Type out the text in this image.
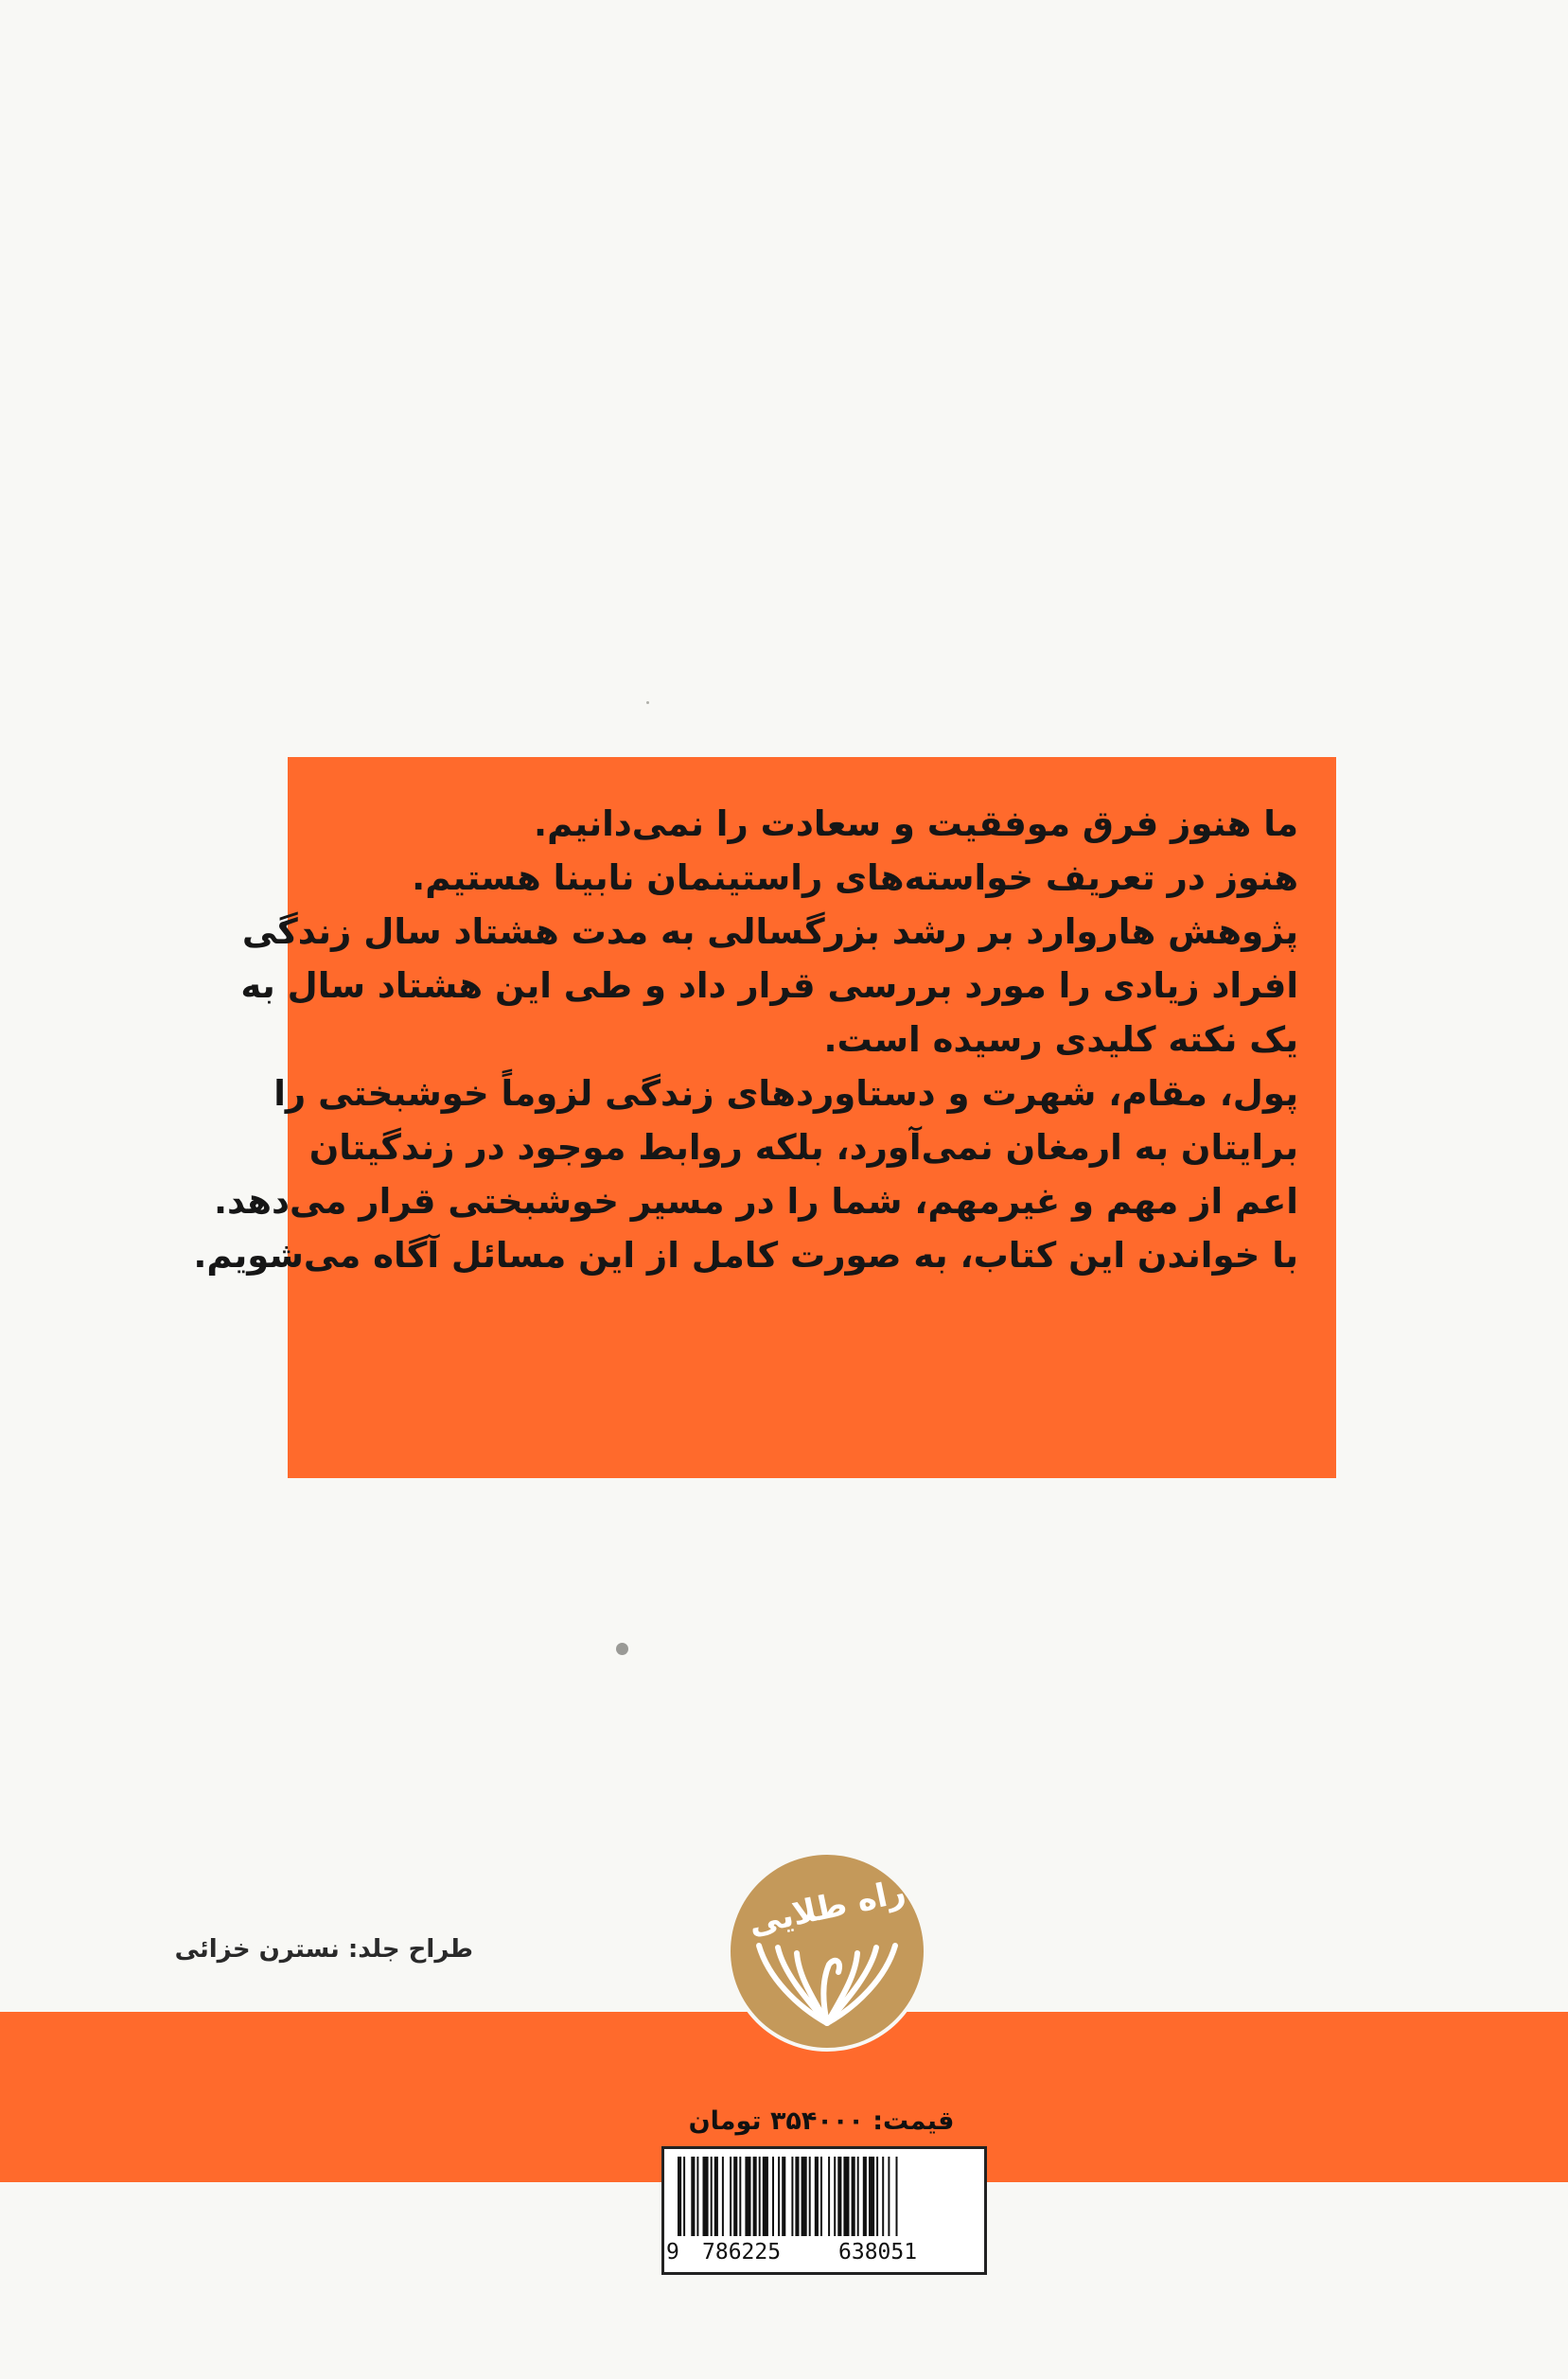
ما هنوز فرق موفقیت و سعادت را نمی‌دانیم.
هنوز در تعریف خواسته‌های راستینمان نابینا هستیم.
پژوهش هاروارد بر رشد بزرگسالی به مدت هشتاد سال زندگی
افراد زیادی را مورد بررسی قرار داد و طی این هشتاد سال به
یک نکته کلیدی رسیده است.
پول، مقام، شهرت و دستاوردهای زندگی لزوماً خوشبختی را
برایتان به ارمغان نمی‌آورد، بلکه روابط موجود در زندگیتان
اعم از مهم و غیرمهم، شما را در مسیر خوشبختی قرار می‌دهد.
با خواندن این کتاب، به صورت کامل از این مسائل آگاه می‌شویم.
طراح جلد: نسترن خزائی
راه طلایی
قیمت: ۳۵۴۰۰۰ تومان
9 786225	638051
